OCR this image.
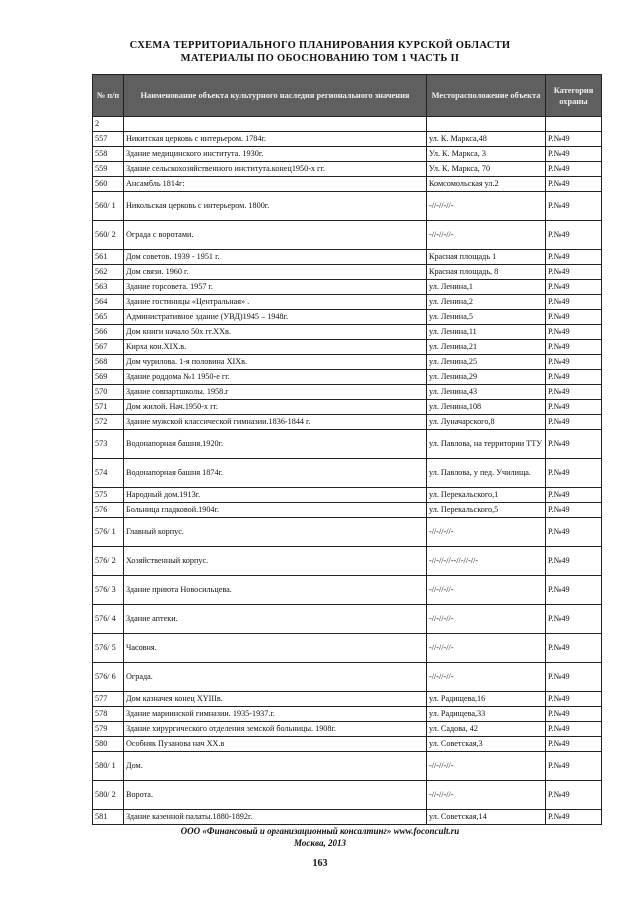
СХЕМА ТЕРРИТОРИАЛЬНОГО ПЛАНИРОВАНИЯ КУРСКОЙ ОБЛАСТИ
МАТЕРИАЛЫ ПО ОБОСНОВАНИЮ ТОМ 1 ЧАСТЬ II
№ п/п	Наименование объекта культурного наследия регионального значения	Месторасположение объекта	Категория охраны
2			
557	Никитская церковь с интерьером. 1784г.	ул. К. Маркса,48	Р.№49
558	Здание медицинского института. 1930г.	Ул. К. Маркса, 3	Р.№49
559	Здание сельскохозяйственного института.конец1950-х гг.	Ул. К. Маркса, 70	Р.№49
560	Ансамбль 1814г:	Комсомольская ул.2	Р.№49
560/ 1	Никольская церковь с интерьером. 1800г.	-//-//-//-	Р.№49
560/ 2	Ограда с воротами.	-//-//-//-	Р.№49
561	Дом советов. 1939 - 1951 г.	Красная площадь 1	Р.№49
562	Дом связи. 1960 г.	Красная площадь, 8	Р.№49
563	Здание горсовета. 1957 г.	ул. Ленина,1	Р.№49
564	Здание гостиницы «Центральная» .	ул. Ленина,2	Р.№49
565	Административное здание (УВД)1945 – 1948г.	ул. Ленина,5	Р.№49
566	Дом книги начало 50х гг.ХХв.	ул. Ленина,11	Р.№49
567	Кирха кон.XIX.в.	ул. Ленина,21	Р.№49
568	Дом чурилова. 1-я половина XIXв.	ул. Ленина,25	Р.№49
569	Здание роддома №1 1950-е гг.	ул. Ленина,29	Р.№49
570	Здание совпартшколы. 1958.г	ул. Ленина,43	Р.№49
571	Дом жилой. Нач.1950-х гг.	ул. Ленина,108	Р.№49
572	Здание мужской классической гимназии.1836-1844 г.	ул. Луначарского,8	Р.№49
573	Водонапорная башня.1920г.	ул. Павлова, на территории ТТУ	Р.№49
574	Водонапорная башня 1874г.	ул. Павлова, у пед. Училища.	Р.№49
575	Народный дом.1913г.	ул. Перекальского,1	Р.№49
576	Больница гладковой.1904г.	ул. Перекальского,5	Р.№49
576/ 1	Главный корпус.	-//-//-//-	Р.№49
576/ 2	Хозяйственный корпус.	-//-//-//--//-//-//-	Р.№49
576/ 3	Здание приюта Новосильцева.	-//-//-//-	Р.№49
576/ 4	Здание аптеки.	-//-//-//-	Р.№49
576/ 5	Часовня.	-//-//-//-	Р.№49
576/ 6	Ограда.	-//-//-//-	Р.№49
577	Дом казначея конец XYIIIв.	ул. Радищева,16	Р.№49
578	Здание мариинской гимназии. 1935-1937.г.	ул. Радищева,33	Р.№49
579	Здание хирургического отделения земской больницы. 1908г.	ул. Садова, 42	Р.№49
580	Особняк Пузанова нач ХХ.в	ул. Советская,3	Р.№49
580/ 1	Дом.	-//-//-//-	Р.№49
580/ 2	Ворота.	-//-//-//-	Р.№49
581	Здание казенной палаты.1880-1892г.	ул. Советская,14	Р.№49
ООО «Финансовый и организационный консалтинг» www.foconcult.ru
Москва, 2013
163
